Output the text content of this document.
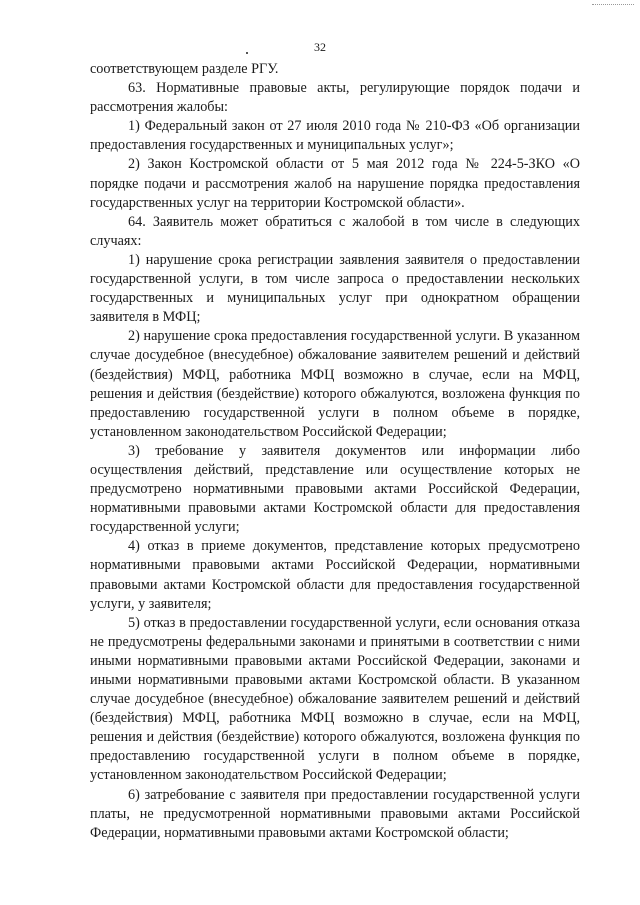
32

соответствующем разделе РГУ.

63. Нормативные правовые акты, регулирующие порядок подачи и рассмотрения жалобы:

1) Федеральный закон от 27 июля 2010 года № 210-ФЗ «Об организации предоставления государственных и муниципальных услуг»;

2) Закон Костромской области от 5 мая 2012 года № 224-5-ЗКО «О порядке подачи и рассмотрения жалоб на нарушение порядка предоставления государственных услуг на территории Костромской области».

64. Заявитель может обратиться с жалобой в том числе в следующих случаях:

1) нарушение срока регистрации заявления заявителя о предоставлении государственной услуги, в том числе запроса о предоставлении нескольких государственных и муниципальных услуг при однократном обращении заявителя в МФЦ;

2) нарушение срока предоставления государственной услуги. В указанном случае досудебное (внесудебное) обжалование заявителем решений и действий (бездействия) МФЦ, работника МФЦ возможно в случае, если на МФЦ, решения и действия (бездействие) которого обжалуются, возложена функция по предоставлению государственной услуги в полном объеме в порядке, установленном законодательством Российской Федерации;

3) требование у заявителя документов или информации либо осуществления действий, представление или осуществление которых не предусмотрено нормативными правовыми актами Российской Федерации, нормативными правовыми актами Костромской области для предоставления государственной услуги;

4) отказ в приеме документов, представление которых предусмотрено нормативными правовыми актами Российской Федерации, нормативными правовыми актами Костромской области для предоставления государственной услуги, у заявителя;

5) отказ в предоставлении государственной услуги, если основания отказа не предусмотрены федеральными законами и принятыми в соответствии с ними иными нормативными правовыми актами Российской Федерации, законами и иными нормативными правовыми актами Костромской области. В указанном случае досудебное (внесудебное) обжалование заявителем решений и действий (бездействия) МФЦ, работника МФЦ возможно в случае, если на МФЦ, решения и действия (бездействие) которого обжалуются, возложена функция по предоставлению государственной услуги в полном объеме в порядке, установленном законодательством Российской Федерации;

6) затребование с заявителя при предоставлении государственной услуги платы, не предусмотренной нормативными правовыми актами Российской Федерации, нормативными правовыми актами Костромской области;
